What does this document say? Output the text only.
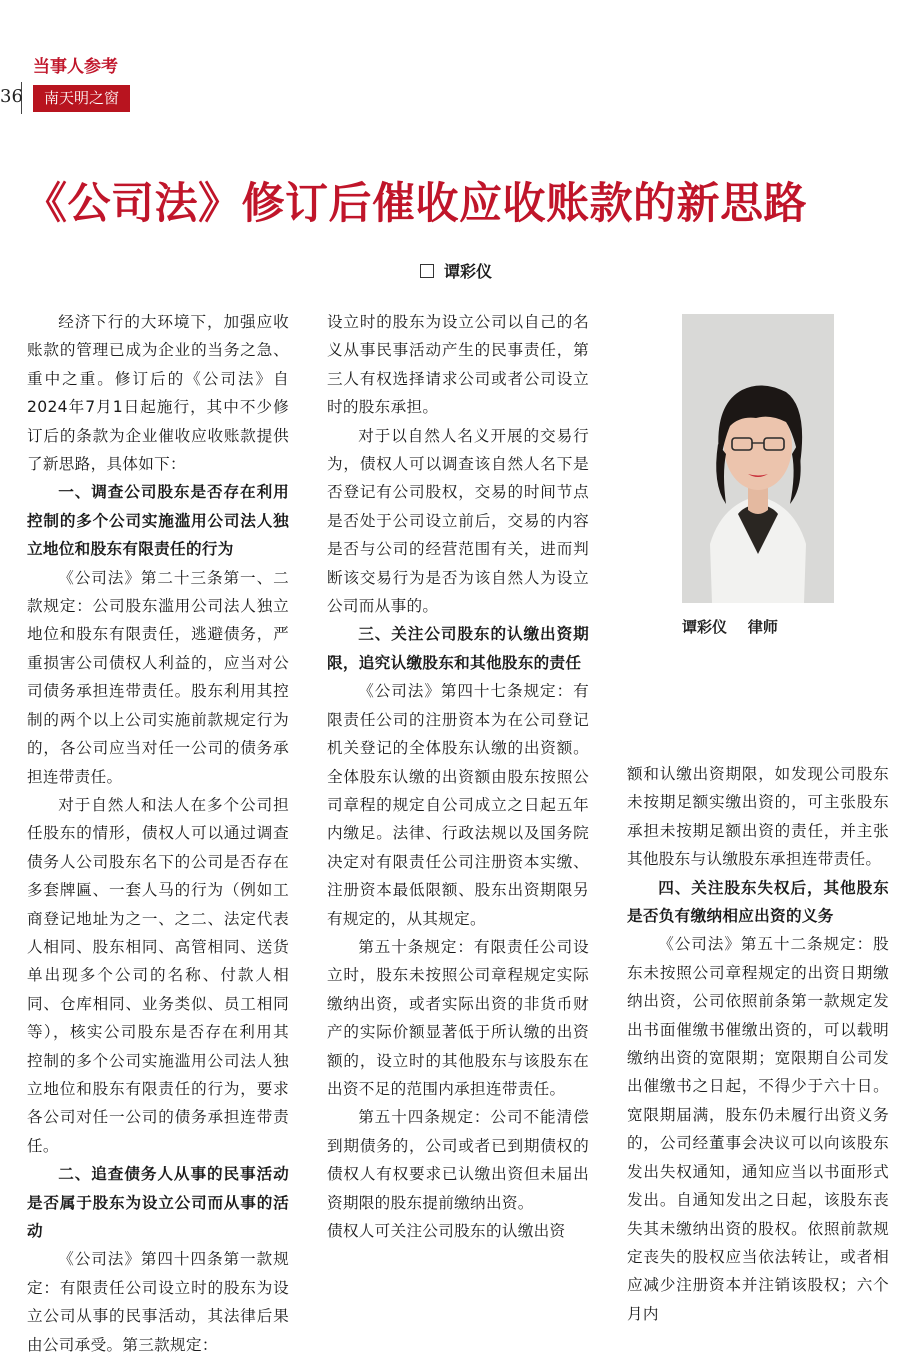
当事人参考

36	南天明之窗

《公司法》修订后催收应收账款的新思路

谭彩仪

经济下行的大环境下，加强应收账款的管理已成为企业的当务之急、重中之重。修订后的《公司法》自2024年7月1日起施行，其中不少修订后的条款为企业催收应收账款提供了新思路，具体如下：

一、调查公司股东是否存在利用控制的多个公司实施滥用公司法人独立地位和股东有限责任的行为

《公司法》第二十三条第一、二款规定：公司股东滥用公司法人独立地位和股东有限责任，逃避债务，严重损害公司债权人利益的，应当对公司债务承担连带责任。股东利用其控制的两个以上公司实施前款规定行为的，各公司应当对任一公司的债务承担连带责任。

对于自然人和法人在多个公司担任股东的情形，债权人可以通过调查债务人公司股东名下的公司是否存在多套牌匾、一套人马的行为（例如工商登记地址为之一、之二、法定代表人相同、股东相同、高管相同、送货单出现多个公司的名称、付款人相同、仓库相同、业务类似、员工相同等），核实公司股东是否存在利用其控制的多个公司实施滥用公司法人独立地位和股东有限责任的行为，要求各公司对任一公司的债务承担连带责任。

二、追查债务人从事的民事活动是否属于股东为设立公司而从事的活动

《公司法》第四十四条第一款规定：有限责任公司设立时的股东为设立公司从事的民事活动，其法律后果由公司承受。第三款规定：

设立时的股东为设立公司以自己的名义从事民事活动产生的民事责任，第三人有权选择请求公司或者公司设立时的股东承担。

对于以自然人名义开展的交易行为，债权人可以调查该自然人名下是否登记有公司股权，交易的时间节点是否处于公司设立前后，交易的内容是否与公司的经营范围有关，进而判断该交易行为是否为该自然人为设立公司而从事的。

三、关注公司股东的认缴出资期限，追究认缴股东和其他股东的责任

《公司法》第四十七条规定：有限责任公司的注册资本为在公司登记机关登记的全体股东认缴的出资额。全体股东认缴的出资额由股东按照公司章程的规定自公司成立之日起五年内缴足。法律、行政法规以及国务院决定对有限责任公司注册资本实缴、注册资本最低限额、股东出资期限另有规定的，从其规定。

第五十条规定：有限责任公司设立时，股东未按照公司章程规定实际缴纳出资，或者实际出资的非货币财产的实际价额显著低于所认缴的出资额的，设立时的其他股东与该股东在出资不足的范围内承担连带责任。

第五十四条规定：公司不能清偿到期债务的，公司或者已到期债权的债权人有权要求已认缴出资但未届出资期限的股东提前缴纳出资。

债权人可关注公司股东的认缴出资

谭彩仪    律师

额和认缴出资期限，如发现公司股东未按期足额实缴出资的，可主张股东承担未按期足额出资的责任，并主张其他股东与认缴股东承担连带责任。

四、关注股东失权后，其他股东是否负有缴纳相应出资的义务

《公司法》第五十二条规定：股东未按照公司章程规定的出资日期缴纳出资，公司依照前条第一款规定发出书面催缴书催缴出资的，可以载明缴纳出资的宽限期；宽限期自公司发出催缴书之日起，不得少于六十日。宽限期届满，股东仍未履行出资义务的，公司经董事会决议可以向该股东发出失权通知，通知应当以书面形式发出。自通知发出之日起，该股东丧失其未缴纳出资的股权。依照前款规定丧失的股权应当依法转让，或者相应减少注册资本并注销该股权；六个月内
